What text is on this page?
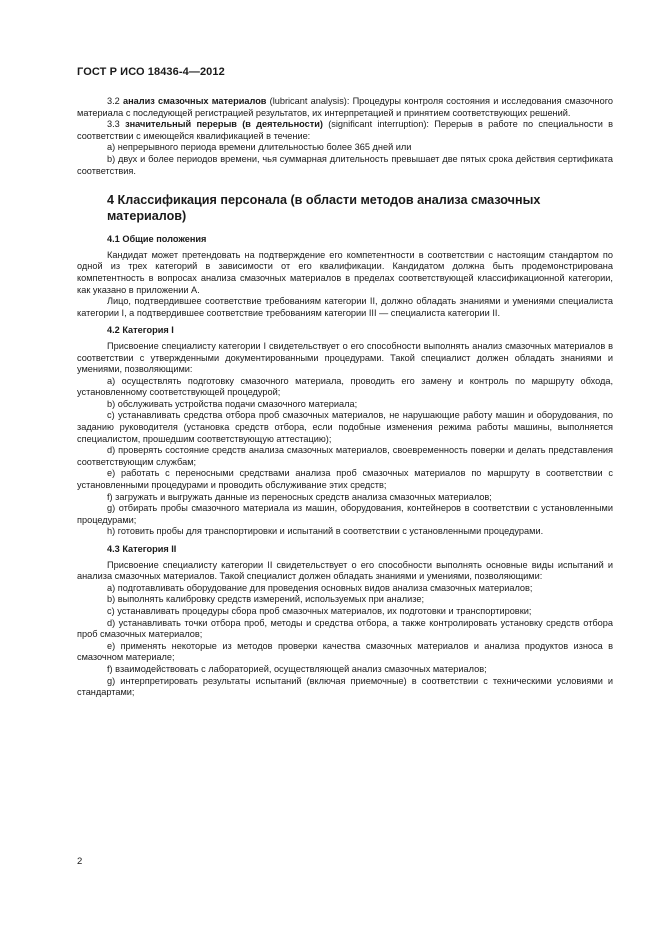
ГОСТ Р ИСО 18436-4—2012

3.2 анализ смазочных материалов (lubricant analysis): Процедуры контроля состояния и исследования смазочного материала с последующей регистрацией результатов, их интерпретацией и принятием соответствующих решений.

3.3 значительный перерыв (в деятельности) (significant interruption): Перерыв в работе по специальности в соответствии с имеющейся квалификацией в течение:

a) непрерывного периода времени длительностью более 365 дней или

b) двух и более периодов времени, чья суммарная длительность превышает две пятых срока действия сертификата соответствия.

4 Классификация персонала (в области методов анализа смазочных материалов)

4.1 Общие положения

Кандидат может претендовать на подтверждение его компетентности в соответствии с настоящим стандартом по одной из трех категорий в зависимости от его квалификации. Кандидатом должна быть продемонстрирована компетентность в вопросах анализа смазочных материалов в пределах соответствующей классификационной категории, как указано в приложении А.

Лицо, подтвердившее соответствие требованиям категории II, должно обладать знаниями и умениями специалиста категории I, а подтвердившее соответствие требованиям категории III — специалиста категории II.

4.2 Категория I

Присвоение специалисту категории I свидетельствует о его способности выполнять анализ смазочных материалов в соответствии с утвержденными документированными процедурами. Такой специалист должен обладать знаниями и умениями, позволяющими:

a) осуществлять подготовку смазочного материала, проводить его замену и контроль по маршруту обхода, установленному соответствующей процедурой;

b) обслуживать устройства подачи смазочного материала;

c) устанавливать средства отбора проб смазочных материалов, не нарушающие работу машин и оборудования, по заданию руководителя (установка средств отбора, если подобные изменения режима работы машины, выполняется специалистом, прошедшим соответствующую аттестацию);

d) проверять состояние средств анализа смазочных материалов, своевременность поверки и делать представления соответствующим службам;

e) работать с переносными средствами анализа проб смазочных материалов по маршруту в соответствии с установленными процедурами и проводить обслуживание этих средств;

f) загружать и выгружать данные из переносных средств анализа смазочных материалов;

g) отбирать пробы смазочного материала из машин, оборудования, контейнеров в соответствии с установленными процедурами;

h) готовить пробы для транспортировки и испытаний в соответствии с установленными процедурами.

4.3 Категория II

Присвоение специалисту категории II свидетельствует о его способности выполнять основные виды испытаний и анализа смазочных материалов. Такой специалист должен обладать знаниями и умениями, позволяющими:

a) подготавливать оборудование для проведения основных видов анализа смазочных материалов;

b) выполнять калибровку средств измерений, используемых при анализе;

c) устанавливать процедуры сбора проб смазочных материалов, их подготовки и транспортировки;

d) устанавливать точки отбора проб, методы и средства отбора, а также контролировать установку средств отбора проб смазочных материалов;

e) применять некоторые из методов проверки качества смазочных материалов и анализа продуктов износа в смазочном материале;

f) взаимодействовать с лабораторией, осуществляющей анализ смазочных материалов;

g) интерпретировать результаты испытаний (включая приемочные) в соответствии с техническими условиями и стандартами;

2
